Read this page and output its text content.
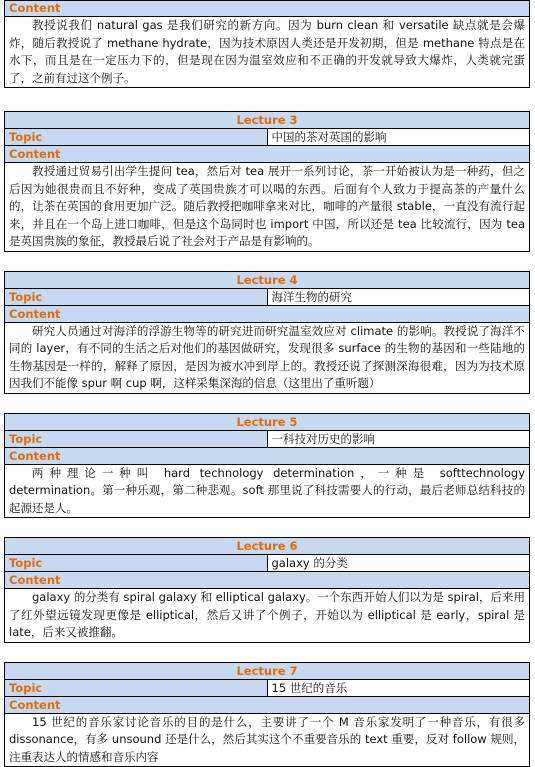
Content
教授说我们 natural gas 是我们研究的新方向。因为 burn clean 和 versatile 缺点就是会爆炸，随后教授说了 methane hydrate，因为技术原因人类还是开发初期，但是 methane 特点是在水下，而且是在一定压力下的，但是现在因为温室效应和不正确的开发就导致大爆炸，人类就完蛋了，之前有过这个例子。
Lecture 3
Topic	中国的茶对英国的影响
Content
教授通过贸易引出学生提问 tea，然后对 tea 展开一系列讨论，茶一开始被认为是一种药，但之后因为她很贵而且不好种，变成了英国贵族才可以喝的东西。后面有个人致力于提高茶的产量什么的，让茶在英国的食用更加广泛。随后教授把咖啡拿来对比，咖啡的产量很 stable，一直没有流行起来，并且在一个岛上进口咖啡，但是这个岛同时也 import 中国，所以还是 tea 比较流行，因为 tea 是英国贵族的象征，教授最后说了社会对于产品是有影响的。
Lecture 4
Topic	海洋生物的研究
Content
研究人员通过对海洋的浮游生物等的研究进而研究温室效应对 climate 的影响。教授说了海洋不同的 layer，有不同的生活之后对他们的基因做研究，发现很多 surface 的生物的基因和一些陆地的生物基因是一样的，解释了原因，是因为被水冲到岸上的。教授还说了探测深海很难，因为为技术原因我们不能像 spur 啊 cup 啊，这样采集深海的信息（这里出了重听题）
Lecture 5
Topic	一科技对历史的影响
Content
两种理论一种叫 hard technology determination，一种是 softtechnology determination。第一种乐观，第二种悲观。soft 那里说了科技需要人的行动，最后老师总结科技的起源还是人。
Lecture 6
Topic	galaxy 的分类
Content
galaxy 的分类有 spiral galaxy 和 elliptical galaxy。一个东西开始人们以为是 spiral，后来用了红外望远镜发现更像是 elliptical，然后又讲了个例子，开始以为 elliptical 是 early，spiral 是 late，后来又被推翻。
Lecture 7
Topic	15 世纪的音乐
Content
15 世纪的音乐家讨论音乐的目的是什么，主要讲了一个 M 音乐家发明了一种音乐，有很多 dissonance，有多 unsound 还是什么，然后其实这个不重要音乐的 text 重要，反对 follow 规则，注重表达人的情感和音乐内容
